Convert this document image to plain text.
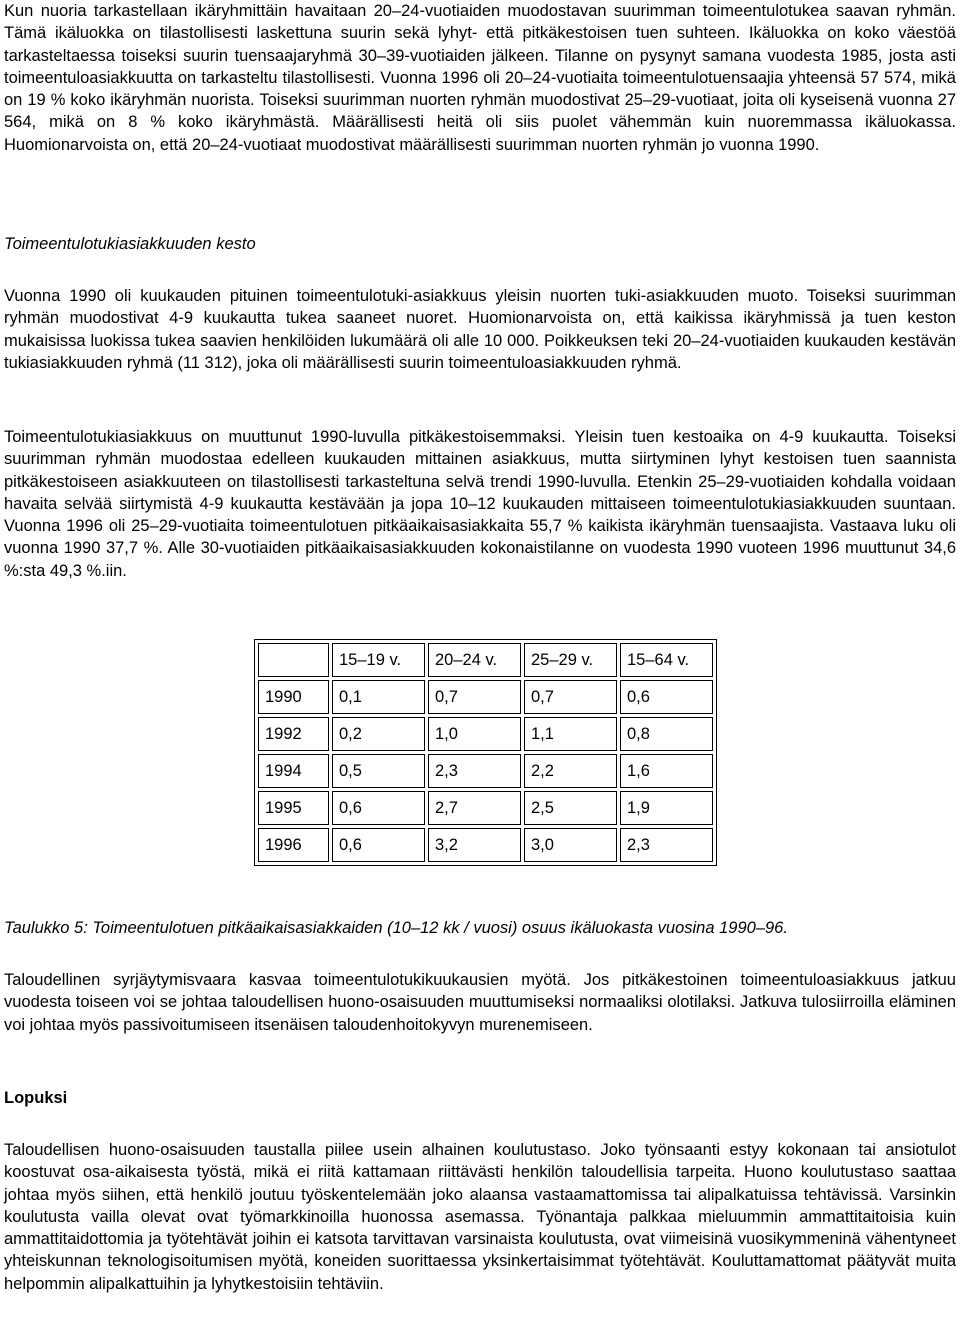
Kun nuoria tarkastellaan ikäryhmittäin havaitaan 20–24-vuotiaiden muodostavan suurimman toimeentulotukea saavan ryhmän. Tämä ikäluokka on tilastollisesti laskettuna suurin sekä lyhyt- että pitkäkestoisen tuen suhteen. Ikäluokka on koko väestöä tarkasteltaessa toiseksi suurin tuensaajaryhmä 30–39-vuotiaiden jälkeen. Tilanne on pysynyt samana vuodesta 1985, josta asti toimeentuloasiakkuutta on tarkasteltu tilastollisesti. Vuonna 1996 oli 20–24-vuotiaita toimeentulotuensaajia yhteensä 57 574, mikä on 19 % koko ikäryhmän nuorista. Toiseksi suurimman nuorten ryhmän muodostivat 25–29-vuotiaat, joita oli kyseisenä vuonna 27 564, mikä on 8 % koko ikäryhmästä. Määrällisesti heitä oli siis puolet vähemmän kuin nuoremmassa ikäluokassa. Huomionarvoista on, että 20–24-vuotiaat muodostivat määrällisesti suurimman nuorten ryhmän jo vuonna 1990.

Toimeentulotukiasiakkuuden kesto

Vuonna 1990 oli kuukauden pituinen toimeentulotuki-asiakkuus yleisin nuorten tuki-asiakkuuden muoto. Toiseksi suurimman ryhmän muodostivat 4-9 kuukautta tukea saaneet nuoret. Huomionarvoista on, että kaikissa ikäryhmissä ja tuen keston mukaisissa luokissa tukea saavien henkilöiden lukumäärä oli alle 10 000. Poikkeuksen teki 20–24-vuotiaiden kuukauden kestävän tukiasiakkuuden ryhmä (11 312), joka oli määrällisesti suurin toimeentuloasiakkuuden ryhmä.

Toimeentulotukiasiakkuus on muuttunut 1990-luvulla pitkäkestoisemmaksi. Yleisin tuen kestoaika on 4-9 kuukautta. Toiseksi suurimman ryhmän muodostaa edelleen kuukauden mittainen asiakkuus, mutta siirtyminen lyhyt kestoisen tuen saannista pitkäkestoiseen asiakkuuteen on tilastollisesti tarkasteltuna selvä trendi 1990-luvulla. Etenkin 25–29-vuotiaiden kohdalla voidaan havaita selvää siirtymistä 4-9 kuukautta kestävään ja jopa 10–12 kuukauden mittaiseen toimeentulotukiasiakkuuden suuntaan. Vuonna 1996 oli 25–29-vuotiaita toimeentulotuen pitkäaikaisasiakkaita 55,7 % kaikista ikäryhmän tuensaajista. Vastaava luku oli vuonna 1990 37,7 %. Alle 30-vuotiaiden pitkäaikaisasiakkuuden kokonaistilanne on vuodesta 1990 vuoteen 1996 muuttunut 34,6 %:sta 49,3 %.iin.

	15–19 v.	20–24 v.	25–29 v.	15–64 v.
1990	0,1	0,7	0,7	0,6
1992	0,2	1,0	1,1	0,8
1994	0,5	2,3	2,2	1,6
1995	0,6	2,7	2,5	1,9
1996	0,6	3,2	3,0	2,3

Taulukko 5: Toimeentulotuen pitkäaikaisasiakkaiden (10–12 kk / vuosi) osuus ikäluokasta vuosina 1990–96.

Taloudellinen syrjäytymisvaara kasvaa toimeentulotukikuukausien myötä. Jos pitkäkestoinen toimeentuloasiakkuus jatkuu vuodesta toiseen voi se johtaa taloudellisen huono-osaisuuden muuttumiseksi normaaliksi olotilaksi. Jatkuva tulosiirroilla eläminen voi johtaa myös passivoitumiseen itsenäisen taloudenhoitokyvyn murenemiseen.

Lopuksi

Taloudellisen huono-osaisuuden taustalla piilee usein alhainen koulutustaso. Joko työnsaanti estyy kokonaan tai ansiotulot koostuvat osa-aikaisesta työstä, mikä ei riitä kattamaan riittävästi henkilön taloudellisia tarpeita. Huono koulutustaso saattaa johtaa myös siihen, että henkilö joutuu työskentelemään joko alaansa vastaamattomissa tai alipalkatuissa tehtävissä. Varsinkin koulutusta vailla olevat ovat työmarkkinoilla huonossa asemassa. Työnantaja palkkaa mieluummin ammattitaitoisia kuin ammattitaidottomia ja työtehtävät joihin ei katsota tarvittavan varsinaista koulutusta, ovat viimeisinä vuosikymmeninä vähentyneet yhteiskunnan teknologisoitumisen myötä, koneiden suorittaessa yksinkertaisimmat työtehtävät. Kouluttamattomat päätyvät muita helpommin alipalkattuihin ja lyhytkestoisiin tehtäviin.
